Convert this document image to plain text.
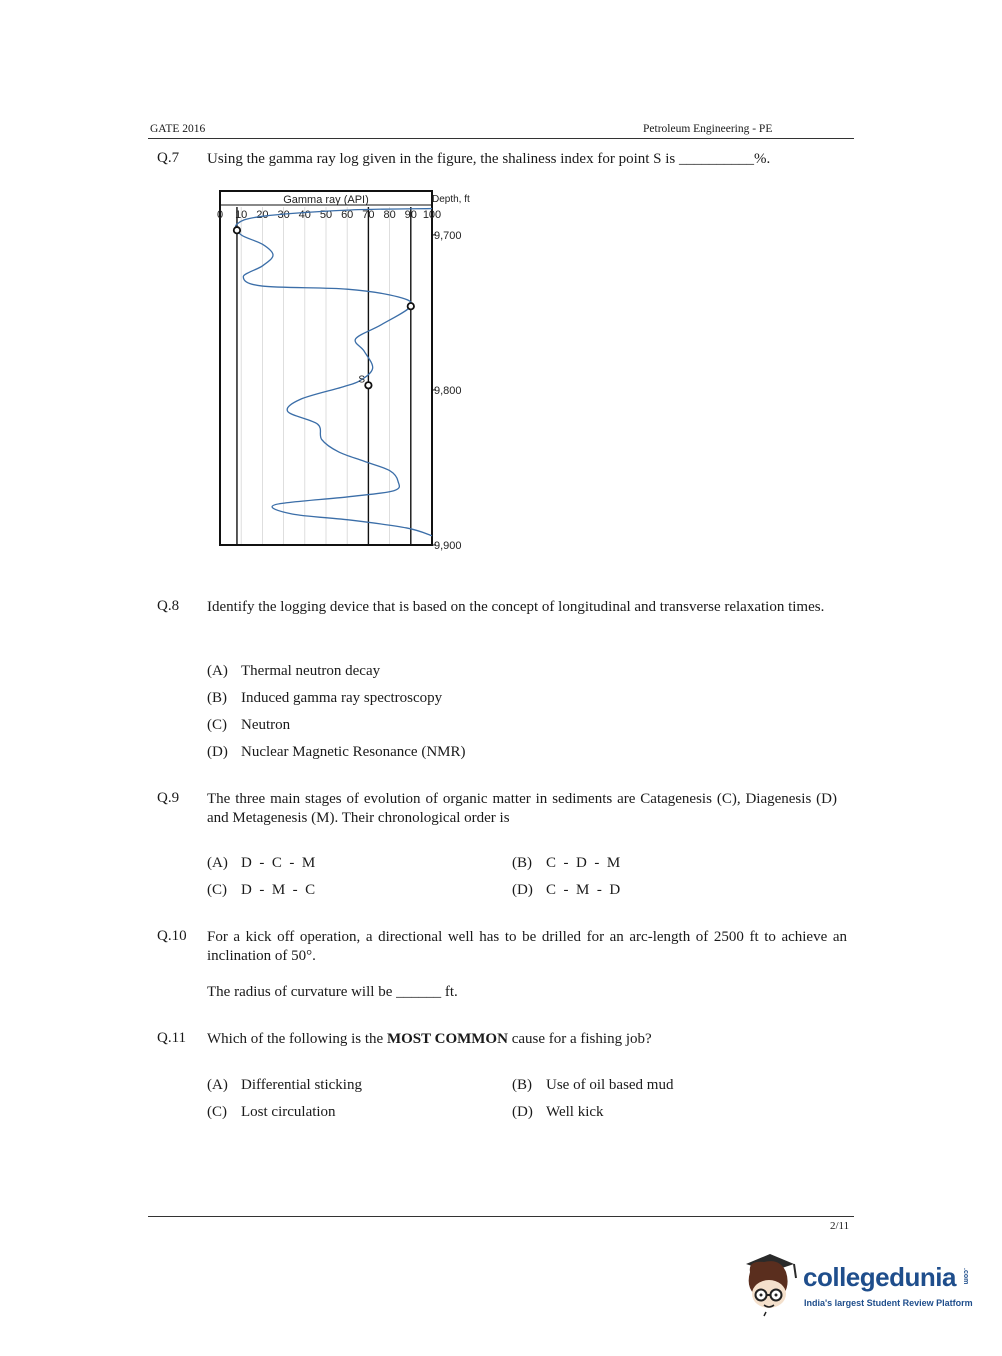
GATE 2016	Petroleum Engineering - PE
Q.7 Using the gamma ray log given in the figure, the shaliness index for point S is __________%.
Gamma ray (API)	Depth, ft
0 10 20 30 40 50 60 70 80 90 100
9,700
9,800
9,900
S
Q.8 Identify the logging device that is based on the concept of longitudinal and transverse relaxation times.
(A) Thermal neutron decay
(B) Induced gamma ray spectroscopy
(C) Neutron
(D) Nuclear Magnetic Resonance (NMR)
Q.9 The three main stages of evolution of organic matter in sediments are Catagenesis (C), Diagenesis (D) and Metagenesis (M). Their chronological order is
(A) D  -  C  -  M	(B) C  -  D  -  M
(C) D  -  M  -  C	(D) C  -  M  -  D
Q.10 For a kick off operation, a directional well has to be drilled for an arc-length of 2500 ft to achieve an inclination of 50°.
The radius of curvature will be ______ ft.
Q.11 Which of the following is the MOST COMMON cause for a fishing job?
(A) Differential sticking	(B) Use of oil based mud
(C) Lost circulation	(D) Well kick
2/11
collegedunia .com
India's largest Student Review Platform
